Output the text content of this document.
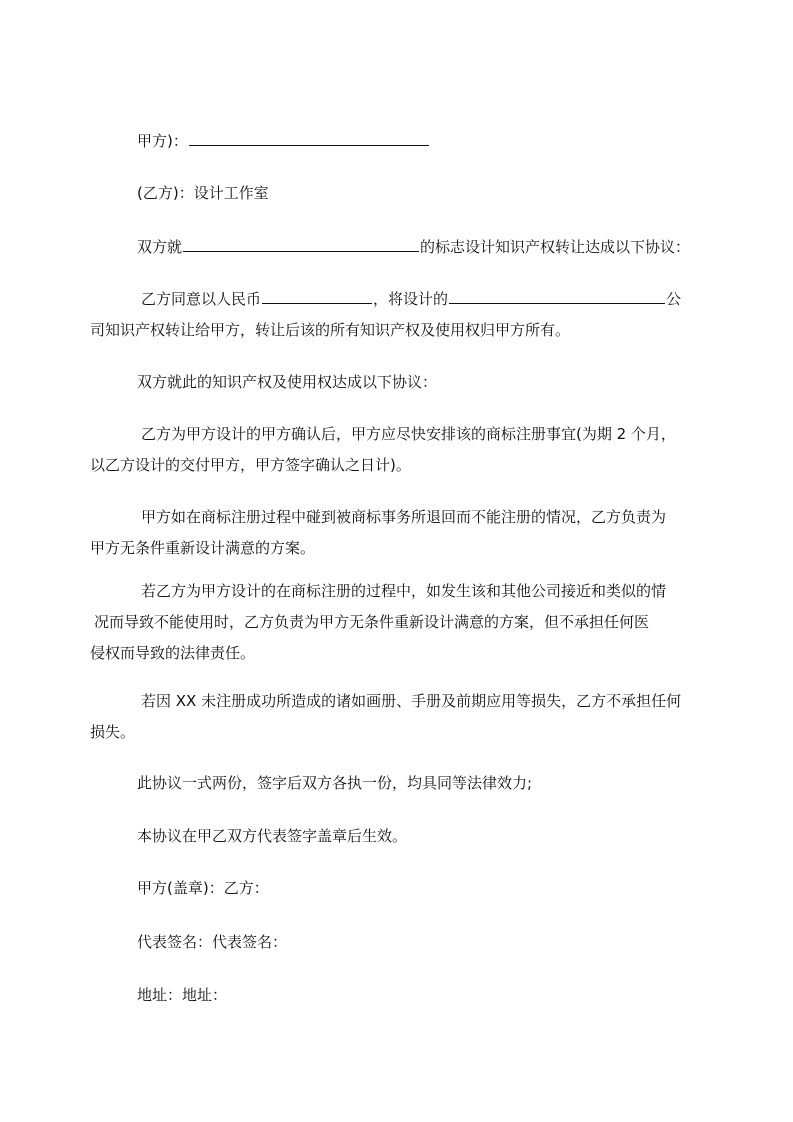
甲方)：
(乙方)：设计工作室
双方就	的标志设计知识产权转让达成以下协议：
乙方同意以人民币	，将设计的	公
司知识产权转让给甲方，转让后该的所有知识产权及使用权归甲方所有。
双方就此的知识产权及使用权达成以下协议：
乙方为甲方设计的甲方确认后，甲方应尽快安排该的商标注册事宜(为期 2 个月，
以乙方设计的交付甲方，甲方签字确认之日计)。
甲方如在商标注册过程中碰到被商标事务所退回而不能注册的情况，乙方负责为
甲方无条件重新设计满意的方案。
若乙方为甲方设计的在商标注册的过程中，如发生该和其他公司接近和类似的情
况而导致不能使用时，乙方负责为甲方无条件重新设计满意的方案，但不承担任何医
侵权而导致的法律责任。
若因 XX 未注册成功所造成的诸如画册、手册及前期应用等损失，乙方不承担任何
损失。
此协议一式两份，签字后双方各执一份，均具同等法律效力;
本协议在甲乙双方代表签字盖章后生效。
甲方(盖章)：乙方：
代表签名：代表签名：
地址：地址：
